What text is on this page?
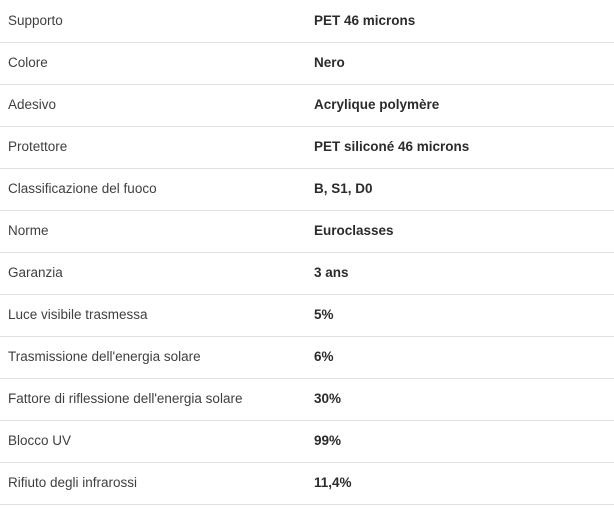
Supporto	PET 46 microns
Colore	Nero
Adesivo	Acrylique polymère
Protettore	PET siliconé 46 microns
Classificazione del fuoco	B, S1, D0
Norme	Euroclasses
Garanzia	3 ans
Luce visibile trasmessa	5%
Trasmissione dell'energia solare	6%
Fattore di riflessione dell'energia solare	30%
Blocco UV	99%
Rifiuto degli infrarossi	11,4%
